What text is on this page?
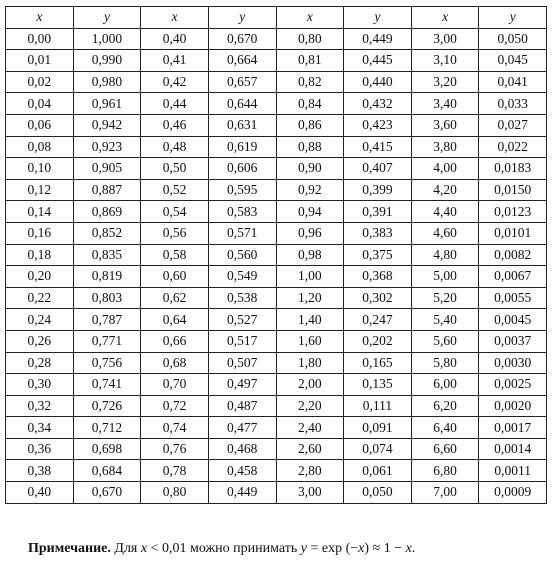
x	y	x	y	x	y	x	y
0,00	1,000	0,40	0,670	0,80	0,449	3,00	0,050
0,01	0,990	0,41	0,664	0,81	0,445	3,10	0,045
0,02	0,980	0,42	0,657	0,82	0,440	3,20	0,041
0,04	0,961	0,44	0,644	0,84	0,432	3,40	0,033
0,06	0,942	0,46	0,631	0,86	0,423	3,60	0,027
0,08	0,923	0,48	0,619	0,88	0,415	3,80	0,022
0,10	0,905	0,50	0,606	0,90	0,407	4,00	0,0183
0,12	0,887	0,52	0,595	0,92	0,399	4,20	0,0150
0,14	0,869	0,54	0,583	0,94	0,391	4,40	0,0123
0,16	0,852	0,56	0,571	0,96	0,383	4,60	0,0101
0,18	0,835	0,58	0,560	0,98	0,375	4,80	0,0082
0,20	0,819	0,60	0,549	1,00	0,368	5,00	0,0067
0,22	0,803	0,62	0,538	1,20	0,302	5,20	0,0055
0,24	0,787	0,64	0,527	1,40	0,247	5,40	0,0045
0,26	0,771	0,66	0,517	1,60	0,202	5,60	0,0037
0,28	0,756	0,68	0,507	1,80	0,165	5,80	0,0030
0,30	0,741	0,70	0,497	2,00	0,135	6,00	0,0025
0,32	0,726	0,72	0,487	2,20	0,111	6,20	0,0020
0,34	0,712	0,74	0,477	2,40	0,091	6,40	0,0017
0,36	0,698	0,76	0,468	2,60	0,074	6,60	0,0014
0,38	0,684	0,78	0,458	2,80	0,061	6,80	0,0011
0,40	0,670	0,80	0,449	3,00	0,050	7,00	0,0009
Примечание. Для x < 0,01 можно принимать y = exp (−x) ≈ 1 − x.
